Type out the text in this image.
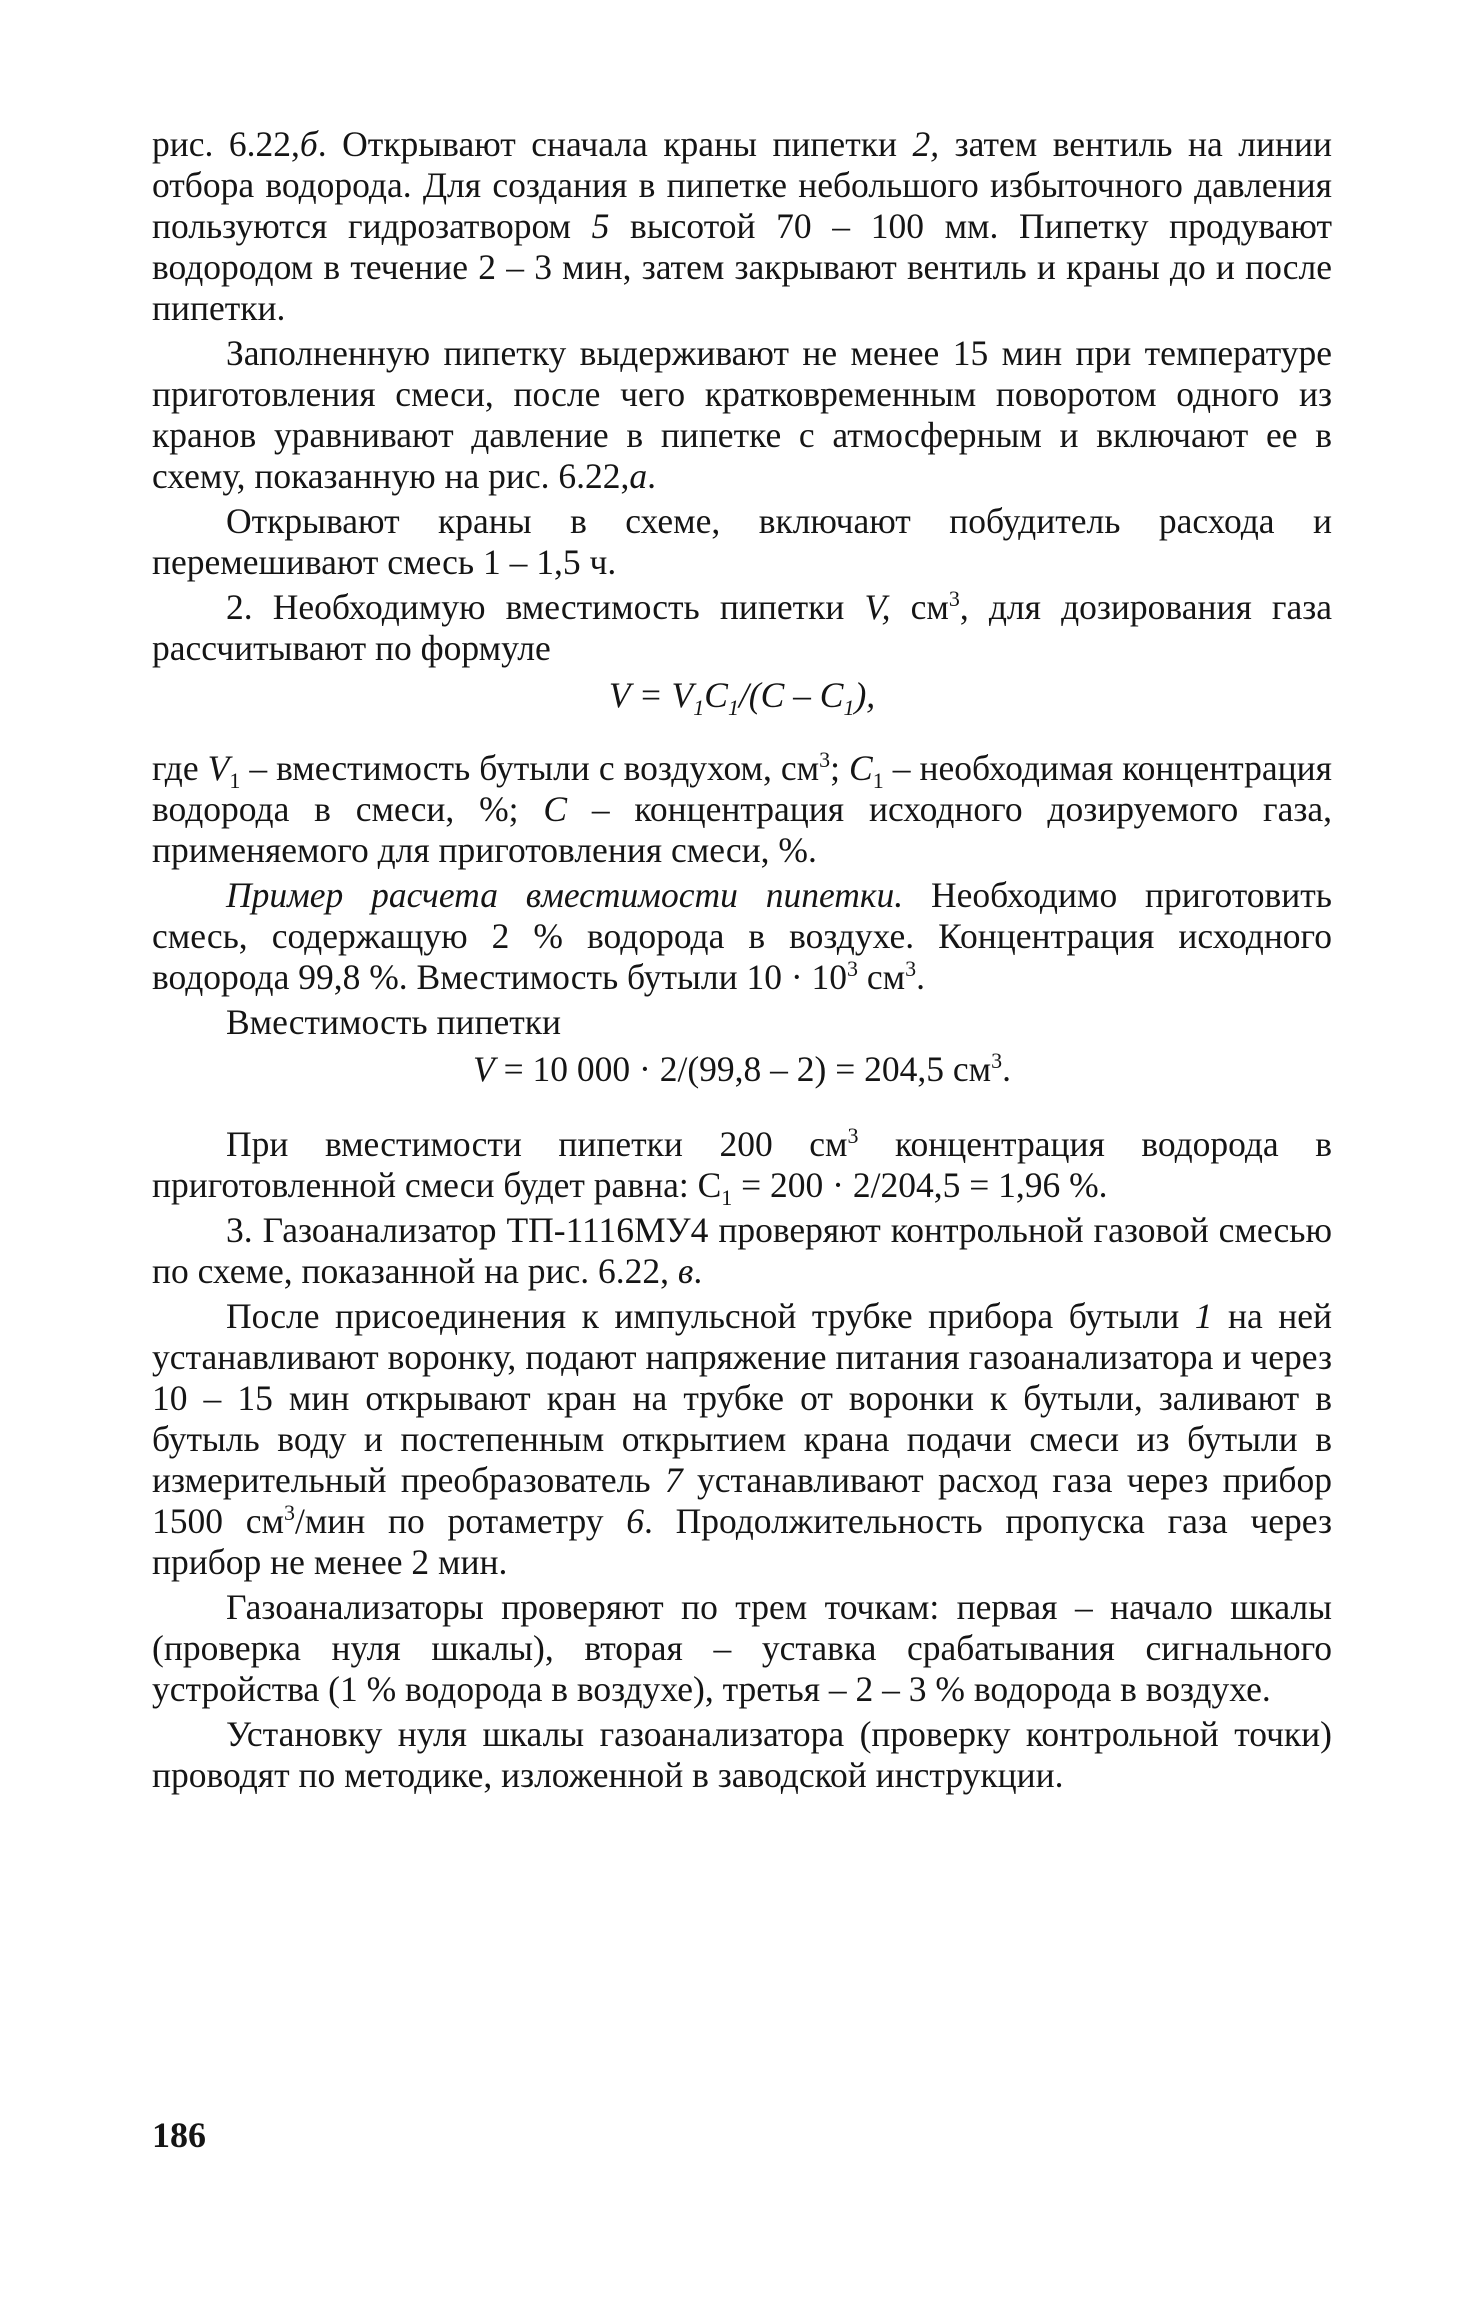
рис. 6.22,б. Открывают сначала краны пипетки 2, затем вентиль на линии отбора водорода. Для создания в пипетке небольшого избыточного давления пользуются гидрозатвором 5 высотой 70 – 100 мм. Пипетку продувают водородом в течение 2 – 3 мин, затем закрывают вентиль и краны до и после пипетки.

Заполненную пипетку выдерживают не менее 15 мин при температуре приготовления смеси, после чего кратковременным поворотом одного из кранов уравнивают давление в пипетке с атмосферным и включают ее в схему, показанную на рис. 6.22,а.

Открывают краны в схеме, включают побудитель расхода и перемешивают смесь 1 – 1,5 ч.

2. Необходимую вместимость пипетки V, $см^3$, для дозирования газа рассчитывают по формуле

$V = V_1C_1/(C - C_1)$,

где $V_1$ – вместимость бутыли с воздухом, $см^3$; $C_1$ – необходимая концентрация водорода в смеси, %; C – концентрация исходного дозируемого газа, применяемого для приготовления смеси, %.

Пример расчета вместимости пипетки. Необходимо приготовить смесь, содержащую 2 % водорода в воздухе. Концентрация исходного водорода 99,8 %. Вместимость бутыли $10 \cdot 10^3$ $см^3$.

Вместимость пипетки

V = 10 000 · 2/(99,8 – 2) = 204,5 $см^3$.

При вместимости пипетки 200 $см^3$ концентрация водорода в приготовленной смеси будет равна: $C_1 = 200 \cdot 2/204,5 = 1,96$ %.

3. Газоанализатор ТП-1116МУ4 проверяют контрольной газовой смесью по схеме, показанной на рис. 6.22, в.

После присоединения к импульсной трубке прибора бутыли 1 на ней устанавливают воронку, подают напряжение питания газоанализатора и через 10 – 15 мин открывают кран на трубке от воронки к бутыли, заливают в бутыль воду и постепенным открытием крана подачи смеси из бутыли в измерительный преобразователь 7 устанавливают расход газа через прибор 1500 $см^3$/мин по ротаметру 6. Продолжительность пропуска газа через прибор не менее 2 мин.

Газоанализаторы проверяют по трем точкам: первая – начало шкалы (проверка нуля шкалы), вторая – уставка срабатывания сигнального устройства (1 % водорода в воздухе), третья – 2 – 3 % водорода в воздухе.

Установку нуля шкалы газоанализатора (проверку контрольной точки) проводят по методике, изложенной в заводской инструкции.

186
